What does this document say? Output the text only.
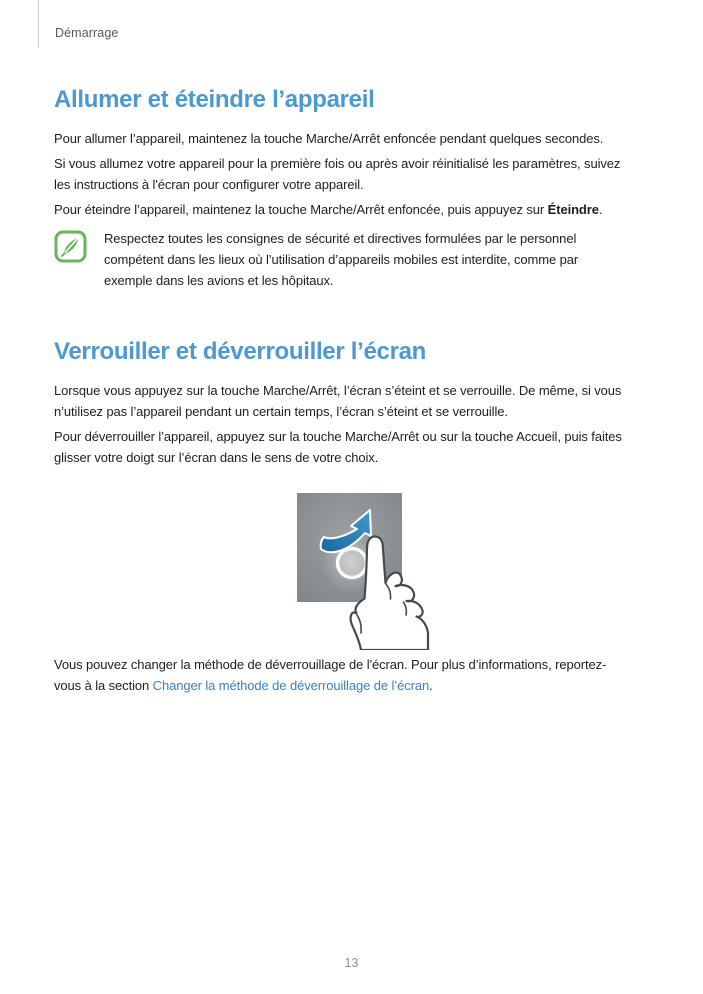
Démarrage
Allumer et éteindre l’appareil

Pour allumer l’appareil, maintenez la touche Marche/Arrêt enfoncée pendant quelques secondes.

Si vous allumez votre appareil pour la première fois ou après avoir réinitialisé les paramètres, suivez
les instructions à l'écran pour configurer votre appareil.

Pour éteindre l’appareil, maintenez la touche Marche/Arrêt enfoncée, puis appuyez sur Éteindre.

Respectez toutes les consignes de sécurité et directives formulées par le personnel
compétent dans les lieux où l’utilisation d’appareils mobiles est interdite, comme par
exemple dans les avions et les hôpitaux.
Verrouiller et déverrouiller l’écran

Lorsque vous appuyez sur la touche Marche/Arrêt, l’écran s’éteint et se verrouille. De même, si vous
n’utilisez pas l’appareil pendant un certain temps, l’écran s’éteint et se verrouille.

Pour déverrouiller l’appareil, appuyez sur la touche Marche/Arrêt ou sur la touche Accueil, puis faites
glisser votre doigt sur l’écran dans le sens de votre choix.

Vous pouvez changer la méthode de déverrouillage de l'écran. Pour plus d’informations, reportez-
vous à la section Changer la méthode de déverrouillage de l’écran.

13
